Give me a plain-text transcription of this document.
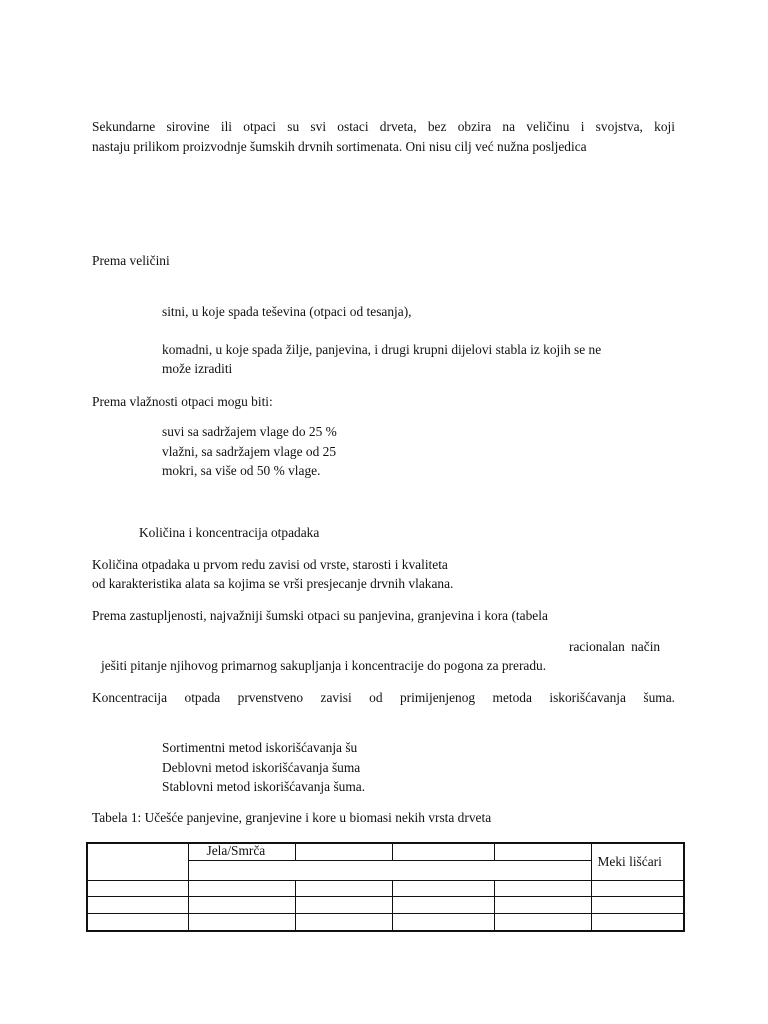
Sekundarne sirovine ili otpaci su svi ostaci drveta, bez obzira na veličinu i svojstva, koji
nastaju prilikom proizvodnje šumskih drvnih sortimenata. Oni nisu cilj već nužna posljedica
Prema veličini
sitni, u koje spada teševina (otpaci od tesanja),
komadni, u koje spada žilje, panjevina, i drugi krupni dijelovi stabla iz kojih se ne
može izraditi
Prema vlažnosti otpaci mogu biti:
suvi sa sadržajem vlage do 25 %
vlažni, sa sadržajem vlage od 25
mokri, sa više od 50 % vlage.
Količina i koncentracija otpadaka
Količina otpadaka u prvom redu zavisi od vrste, starosti i kvaliteta
od karakteristika alata sa kojima se vrši presjecanje drvnih vlakana.
Prema zastupljenosti, najvažniji šumski otpaci su panjevina, granjevina i kora (tabela
racionalan način
ješiti pitanje njihovog primarnog sakupljanja i koncentracije do pogona za preradu.
Koncentracija otpada prvenstveno zavisi od primijenjenog metoda iskorišćavanja šuma.
Sortimentni metod iskorišćavanja šu
Deblovni metod iskorišćavanja šuma
Stablovni metod iskorišćavanja šuma.
Tabela 1: Učešće panjevine, granjevine i kore u biomasi nekih vrsta drveta
	Jela/Smrča				Meki lišćari
